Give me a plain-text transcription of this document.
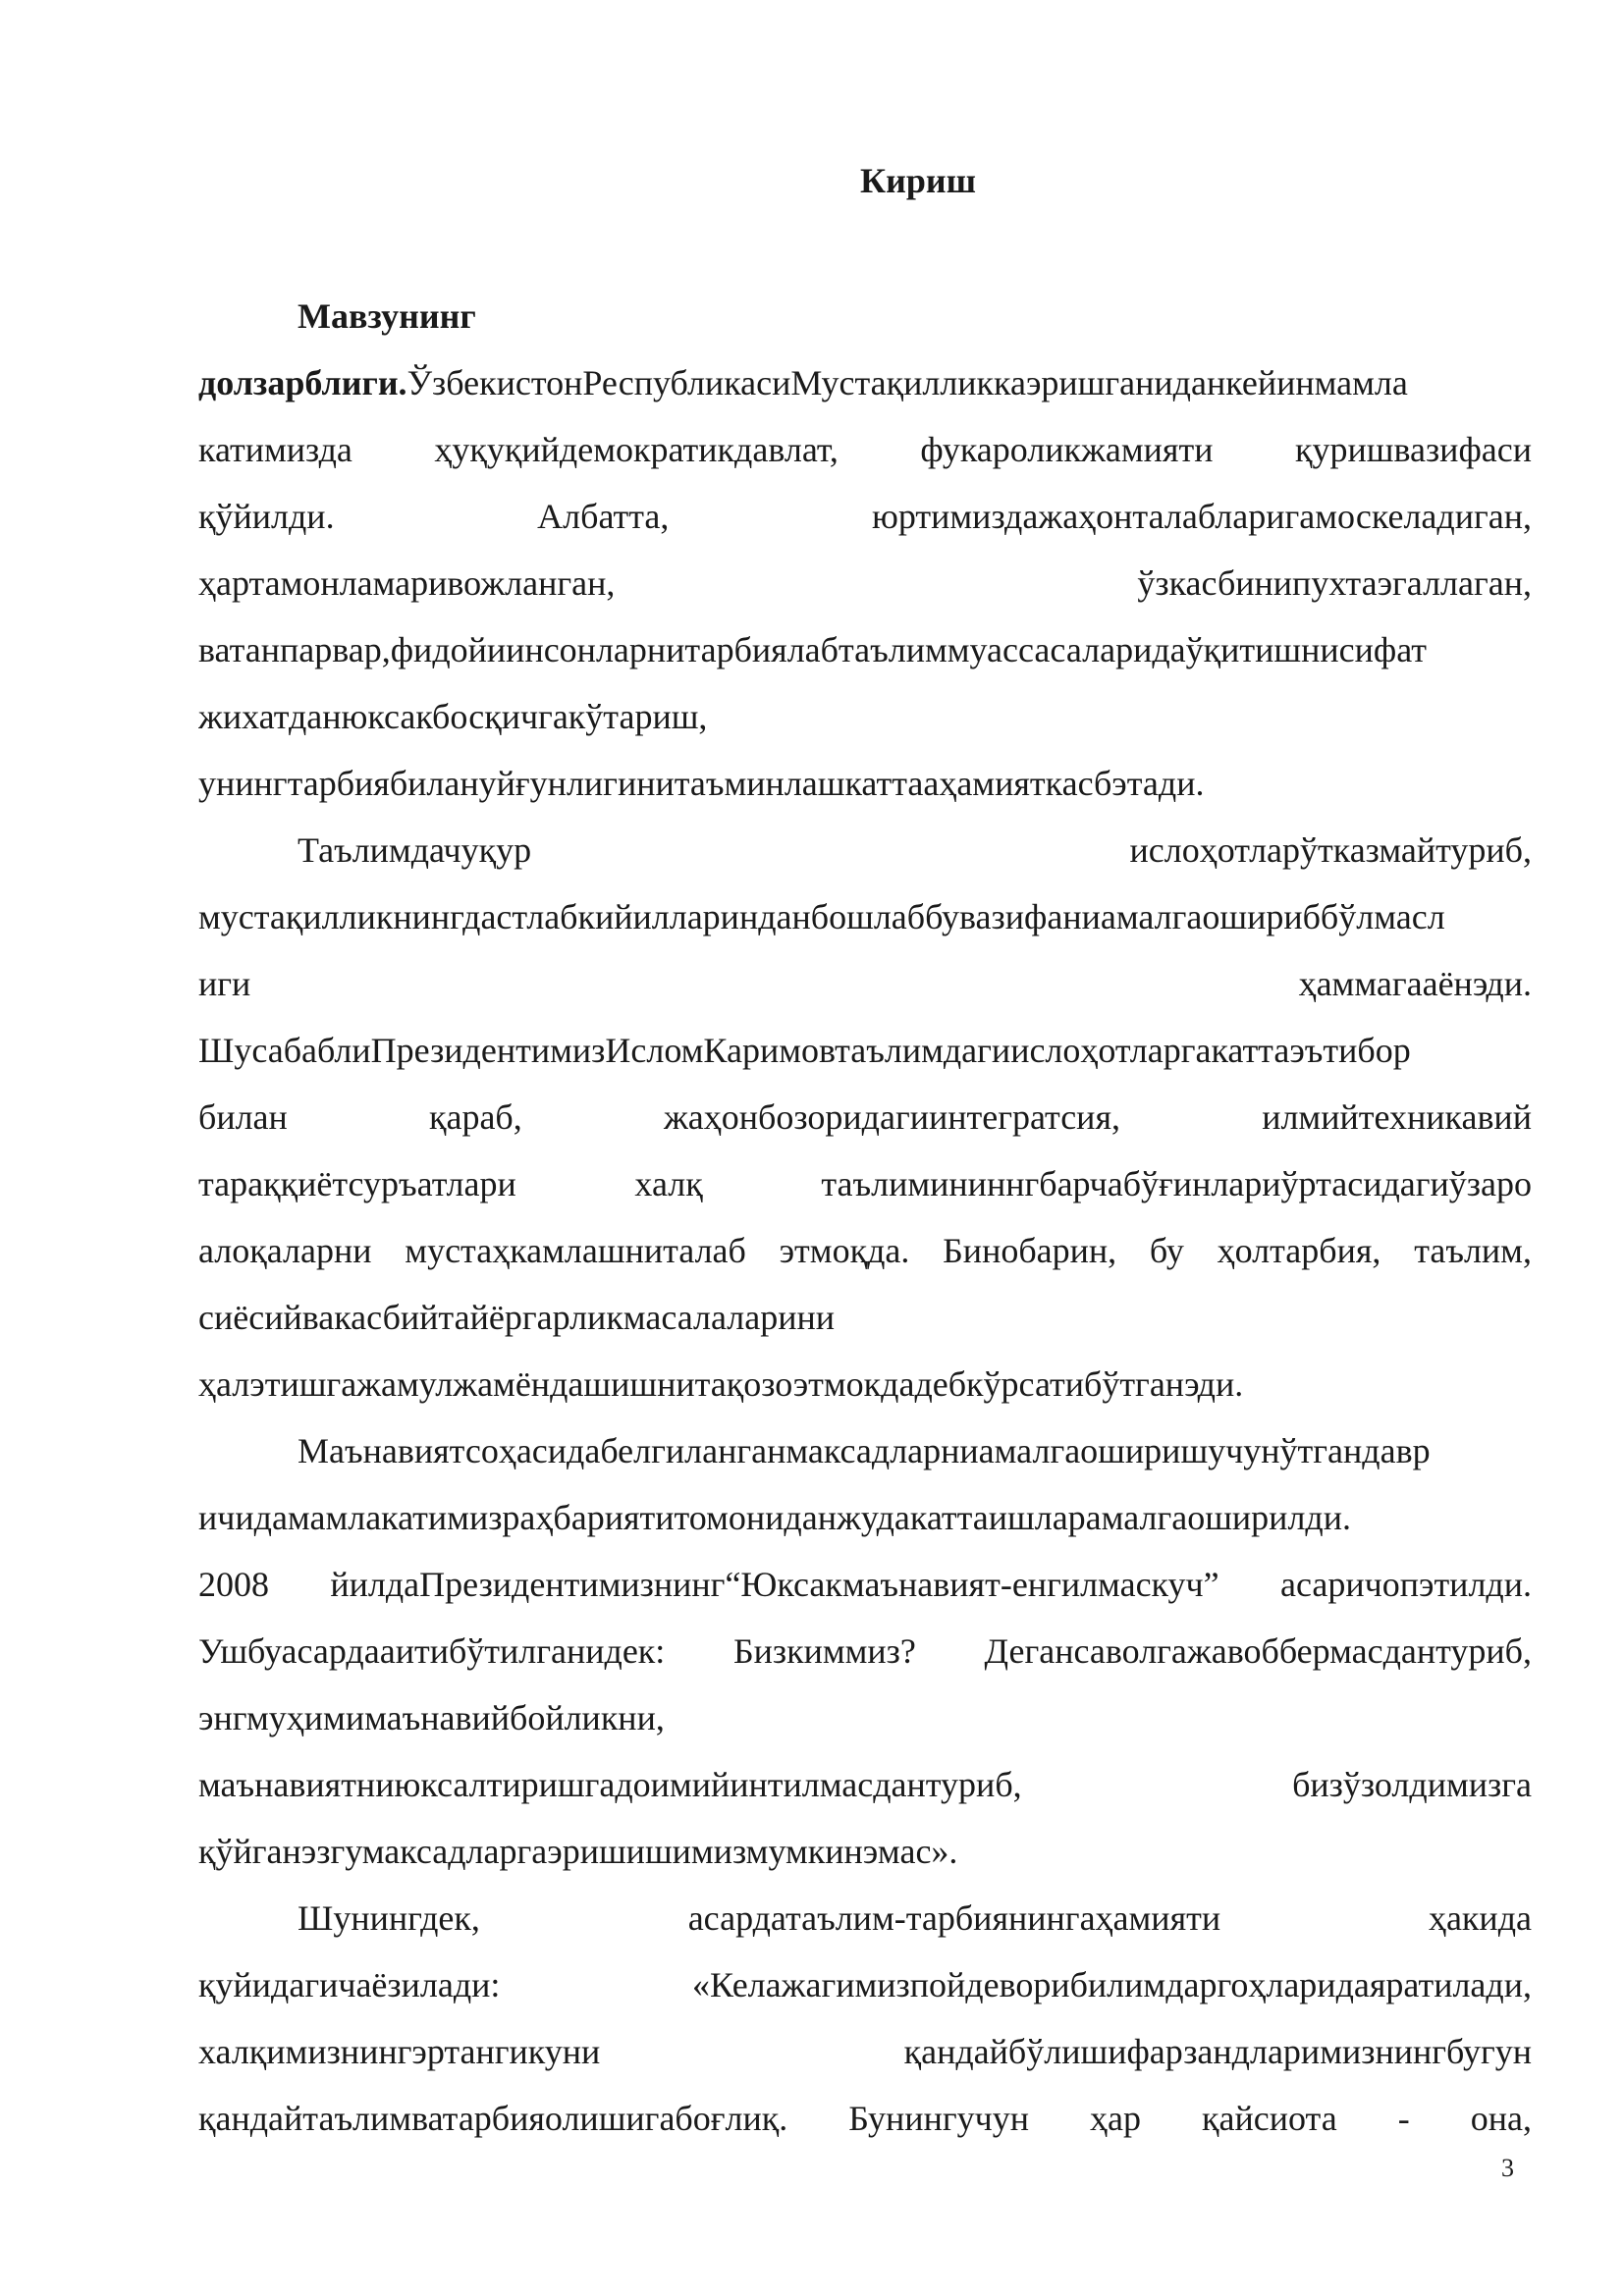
Кириш
Мавзунинг
долзарблиги.ЎзбекистонРеспубликасиМустақилликкаэришганиданкейинмамла
катимизда ҳуқуқийдемократикдавлат, фукароликжамияти қуришвазифаси
қўйилди.	Албатта,	юртимиздажаҳонталабларигамоскеладиган,
ҳартамонламаривожланган,	ўзкасбинипухтаэгаллаган,
ватанпарвар,фидойиинсонларнитарбиялабтаълиммуассасаларидаўқитишнисифат
жихатданюксакбосқичгакўтариш,
унингтарбиябилануйғунлигинитаъминлашкаттааҳамияткасбэтади.
Таълимдачуқур	ислоҳотларўтказмайтуриб,
мустақилликнингдастлабкийилларинданбошлаббувазифаниамалгаошириббўлмасл
иги	ҳаммагааёнэди.
ШусабаблиПрезидентимизИсломКаримовтаълимдагиислоҳотларгакаттаэътибор
билан	қараб,	жаҳонбозоридагиинтегратсия,	илмийтехникавий
тараққиётсуръатлари	халқ	таълимининнгбарчабўғинлариўртасидагиўзаро
алоқаларни мустаҳкамлашниталаб этмоқда. Бинобарин, бу ҳолтарбия, таълим,
сиёсийвакасбийтайёргарликмасалаларини
ҳалэтишгажамулжамёндашишнитақозоэтмокдадебкўрсатибўтганэди.
Маънавиятсоҳасидабелгиланганмаксадларниамалгаоширишучунўтгандавр
ичидамамлакатимизраҳбариятитомониданжудакаттаишларамалгаоширилди.
2008 йилдаПрезидентимизнинг“Юксакмаънавият-енгилмаскуч” асаричопэтилди.
Ушбуасардааитибўтилганидек: Бизкиммиз? Дегансаволгажавоббермасдантуриб,
энгмуҳимимаънавийбойликни,
маънавиятниюксалтиришгадоимийинтилмасдантуриб,	бизўзолдимизга
қўйганэзгумаксадларгаэришишимизмумкинэмас».
Шунингдек,	асардатаълим-тарбиянингаҳамияти	ҳакида
қуйидагичаёзилади:	«Келажагимизпойдеворибилимдаргоҳларидаяратилади,
халқимизнингэртангикуни	қандайбўлишифарзандларимизнингбугун
қандайтаълимватарбияолишигабоғлиқ. Бунингучун ҳар қайсиота - она,
3
